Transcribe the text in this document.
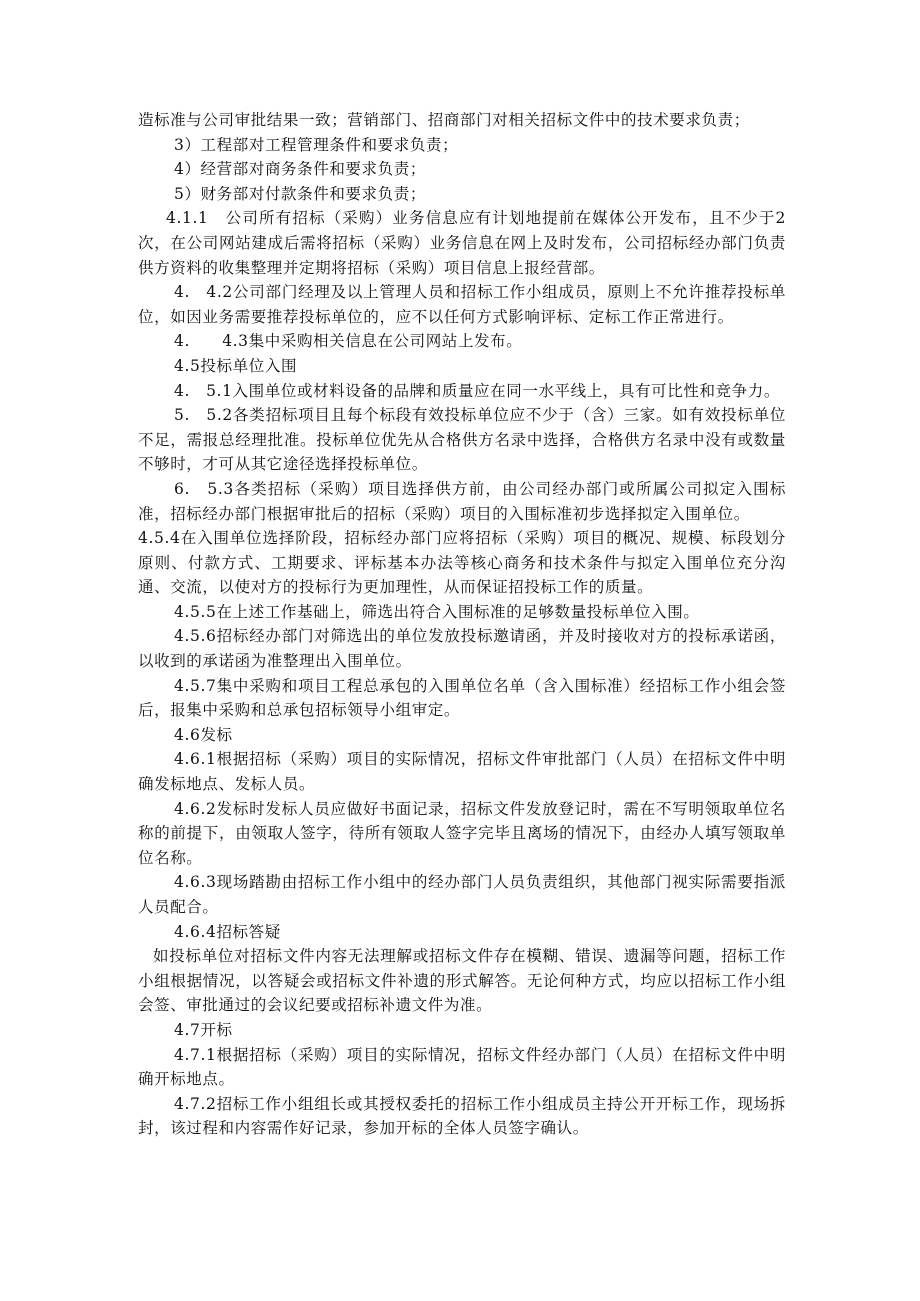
造标准与公司审批结果一致；营销部门、招商部门对相关招标文件中的技术要求负责；

3）工程部对工程管理条件和要求负责；

4）经营部对商务条件和要求负责；

5）财务部对付款条件和要求负责；

4.1.1　公司所有招标（采购）业务信息应有计划地提前在媒体公开发布，且不少于2次，在公司网站建成后需将招标（采购）业务信息在网上及时发布，公司招标经办部门负责供方资料的收集整理并定期将招标（采购）项目信息上报经营部。

4.　4.2公司部门经理及以上管理人员和招标工作小组成员，原则上不允许推荐投标单位，如因业务需要推荐投标单位的，应不以任何方式影响评标、定标工作正常进行。

4.　　4.3集中采购相关信息在公司网站上发布。

4.5投标单位入围

4.　5.1入围单位或材料设备的品牌和质量应在同一水平线上，具有可比性和竞争力。

5.　5.2各类招标项目且每个标段有效投标单位应不少于（含）三家。如有效投标单位不足，需报总经理批准。投标单位优先从合格供方名录中选择，合格供方名录中没有或数量不够时，才可从其它途径选择投标单位。

6.　5.3各类招标（采购）项目选择供方前，由公司经办部门或所属公司拟定入围标准，招标经办部门根据审批后的招标（采购）项目的入围标准初步选择拟定入围单位。

4.5.4在入围单位选择阶段，招标经办部门应将招标（采购）项目的概况、规模、标段划分原则、付款方式、工期要求、评标基本办法等核心商务和技术条件与拟定入围单位充分沟通、交流，以使对方的投标行为更加理性，从而保证招投标工作的质量。

4.5.5在上述工作基础上，筛选出符合入围标准的足够数量投标单位入围。

4.5.6招标经办部门对筛选出的单位发放投标邀请函，并及时接收对方的投标承诺函，以收到的承诺函为准整理出入围单位。

4.5.7集中采购和项目工程总承包的入围单位名单（含入围标准）经招标工作小组会签后，报集中采购和总承包招标领导小组审定。

4.6发标

4.6.1根据招标（采购）项目的实际情况，招标文件审批部门（人员）在招标文件中明确发标地点、发标人员。

4.6.2发标时发标人员应做好书面记录，招标文件发放登记时，需在不写明领取单位名称的前提下，由领取人签字，待所有领取人签字完毕且离场的情况下，由经办人填写领取单位名称。

4.6.3现场踏勘由招标工作小组中的经办部门人员负责组织，其他部门视实际需要指派人员配合。

4.6.4招标答疑

如投标单位对招标文件内容无法理解或招标文件存在模糊、错误、遗漏等问题，招标工作小组根据情况，以答疑会或招标文件补遗的形式解答。无论何种方式，均应以招标工作小组会签、审批通过的会议纪要或招标补遗文件为准。

4.7开标

4.7.1根据招标（采购）项目的实际情况，招标文件经办部门（人员）在招标文件中明确开标地点。

4.7.2招标工作小组组长或其授权委托的招标工作小组成员主持公开开标工作，现场拆封，该过程和内容需作好记录，参加开标的全体人员签字确认。
